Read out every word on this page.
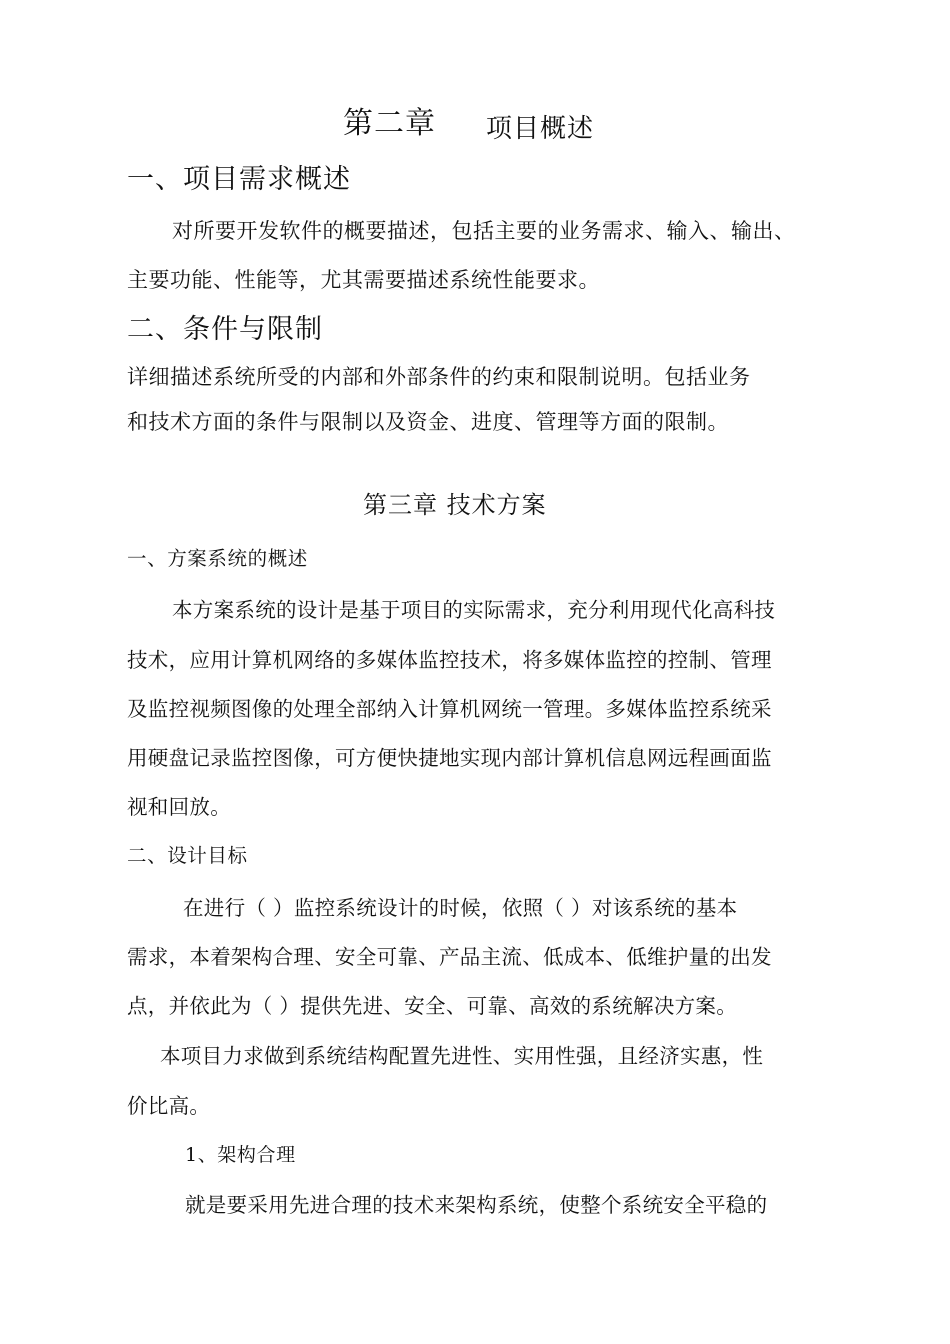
第二章 项目概述
一、项目需求概述
对所要开发软件的概要描述，包括主要的业务需求、输入、输出、
主要功能、性能等，尤其需要描述系统性能要求。
二、条件与限制
详细描述系统所受的内部和外部条件的约束和限制说明。包括业务
和技术方面的条件与限制以及资金、进度、管理等方面的限制。
第三章 技术方案
一、方案系统的概述
本方案系统的设计是基于项目的实际需求，充分利用现代化高科技
技术，应用计算机网络的多媒体监控技术，将多媒体监控的控制、管理
及监控视频图像的处理全部纳入计算机网统一管理。多媒体监控系统采
用硬盘记录监控图像，可方便快捷地实现内部计算机信息网远程画面监
视和回放。
二、设计目标
在进行（ ）监控系统设计的时候，依照（ ）对该系统的基本
需求，本着架构合理、安全可靠、产品主流、低成本、低维护量的出发
点，并依此为（ ）提供先进、安全、可靠、高效的系统解决方案。
本项目力求做到系统结构配置先进性、实用性强，且经济实惠，性
价比高。
1、架构合理
就是要采用先进合理的技术来架构系统，使整个系统安全平稳的
